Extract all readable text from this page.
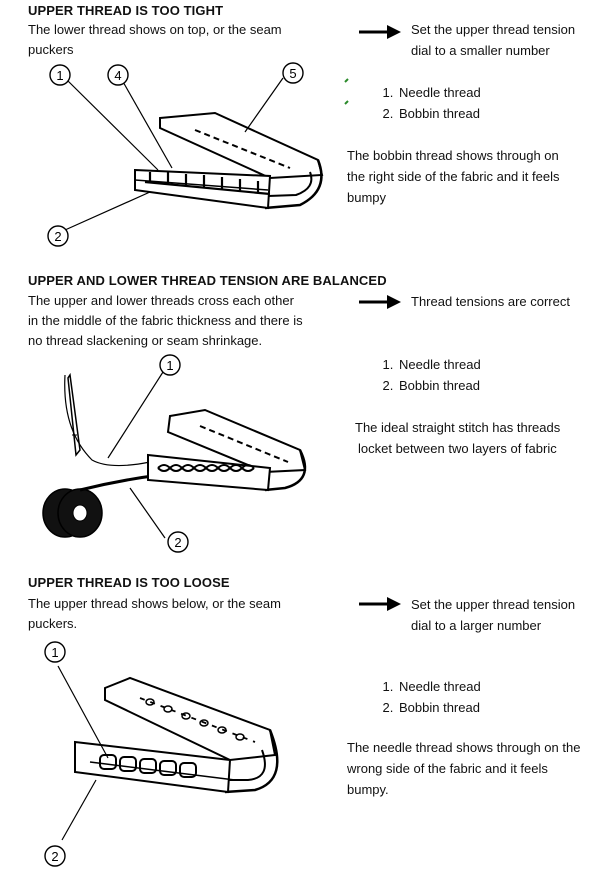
UPPER THREAD IS TOO TIGHT
The lower thread shows on top, or the seam
puckers
Set the upper thread tension
dial to a smaller number
1. Needle thread
2. Bobbin thread
The bobbin thread shows through on
the right side of the fabric and it feels
bumpy
1	4	5
2
UPPER AND LOWER THREAD TENSION ARE BALANCED
The upper and lower threads cross each other
in the middle of the fabric thickness and there is
no thread slackening or seam shrinkage.
Thread tensions are correct
1. Needle thread
2. Bobbin thread
The ideal straight stitch has threads
locket between two layers of fabric
1
2
UPPER THREAD IS TOO LOOSE
The upper thread shows below, or the seam
puckers.
Set the upper thread tension
dial to a larger number
1. Needle thread
2. Bobbin thread
The needle thread shows through on the
wrong side of the fabric and it feels
bumpy.
1
2
